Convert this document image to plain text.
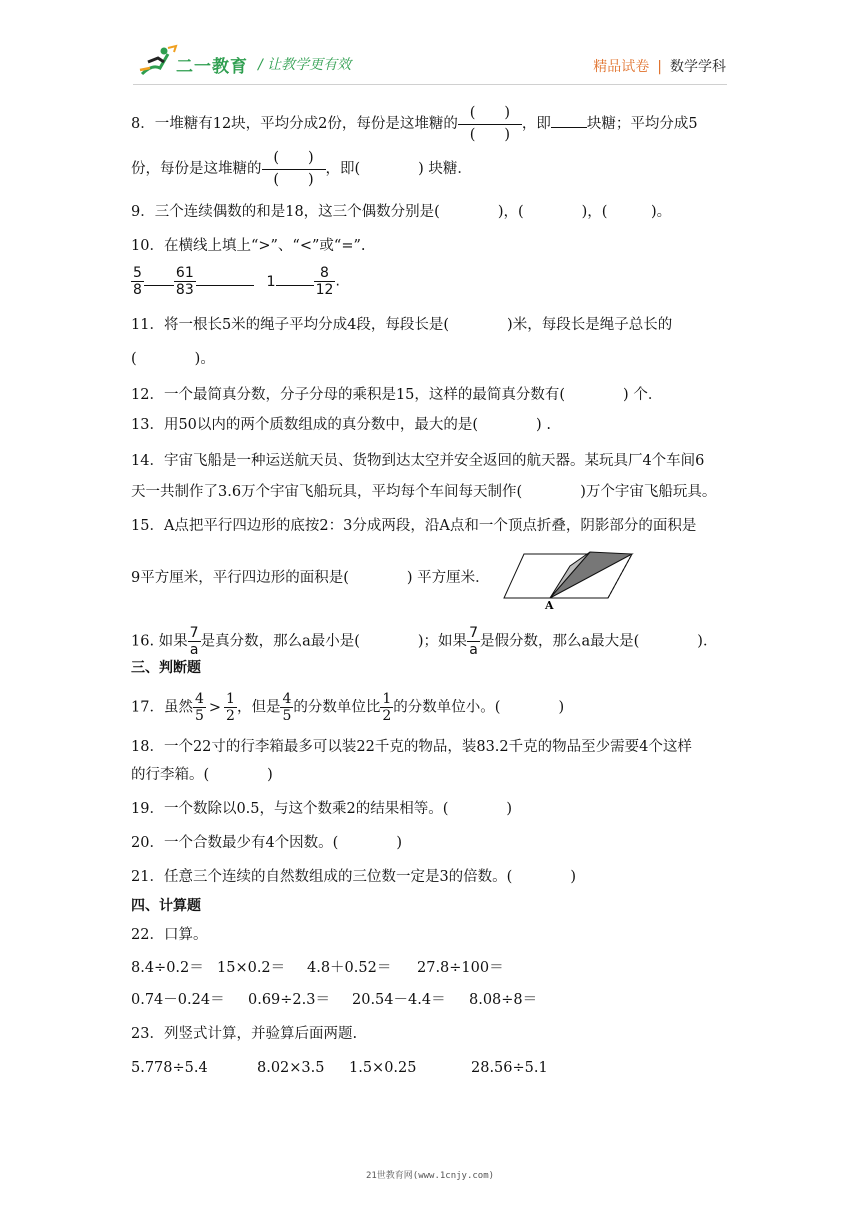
二一教育 / 让教学更有效	精品试卷 | 数学学科
8．一堆糖有12块，平均分成2份，每份是这堆糖的
(　　)
(　　)
，即 块糖；平均分成5
份，每份是这堆糖的
(　　)
(　　)
，即(　　　　) 块糖．
9．三个连续偶数的和是18，这三个偶数分别是(　　　　)，(　　　　)，(　　　)。
10．在横线上填上“>”、“<”或“=”.
$\frac{5}{8} \frac{61}{83}$	1	$\frac{8}{12}$ .
11．将一根长5米的绳子平均分成4段，每段长是(　　　　)米，每段长是绳子总长的
(　　　　)。
12．一个最简真分数，分子分母的乘积是15，这样的最简真分数有(　　　　) 个．
13．用50以内的两个质数组成的真分数中，最大的是(　　　　) .
14．宇宙飞船是一种运送航天员、货物到达太空并安全返回的航天器。某玩具厂4个车间6
天一共制作了3.6万个宇宙飞船玩具，平均每个车间每天制作(　　　　)万个宇宙飞船玩具。
15．A点把平行四边形的底按2：3分成两段，沿A点和一个顶点折叠，阴影部分的面积是
9平方厘米，平行四边形的面积是(　　　　) 平方厘米．
A
16. 如果 $\frac{7}{a}$ 是真分数，那么a最小是(　　　　)；如果 $\frac{7}{a}$ 是假分数，那么a最大是(　　　　)．
三、判断题
17．虽然 $\frac{4}{5} > \frac{1}{2}$ ，但是 $\frac{4}{5}$ 的分数单位比 $\frac{1}{2}$ 的分数单位小。(　　　　)
18．一个22寸的行李箱最多可以装22千克的物品，装83.2千克的物品至少需要4个这样
的行李箱。(　　　　)
19．一个数除以0.5，与这个数乘2的结果相等。(　　　　)
20．一个合数最少有4个因数。(　　　　)
21．任意三个连续的自然数组成的三位数一定是3的倍数。(　　　　)
四、计算题
22．口算。
8.4÷0.2＝ 15×0.2＝ 4.8＋0.52＝ 27.8÷100＝
0.74－0.24＝ 0.69÷2.3＝ 20.54－4.4＝ 8.08÷8＝
23．列竖式计算，并验算后面两题.
5.778÷5.4	8.02×3.5 1.5×0.25	28.56÷5.1
21世教育网(www.1cnjy.com)
